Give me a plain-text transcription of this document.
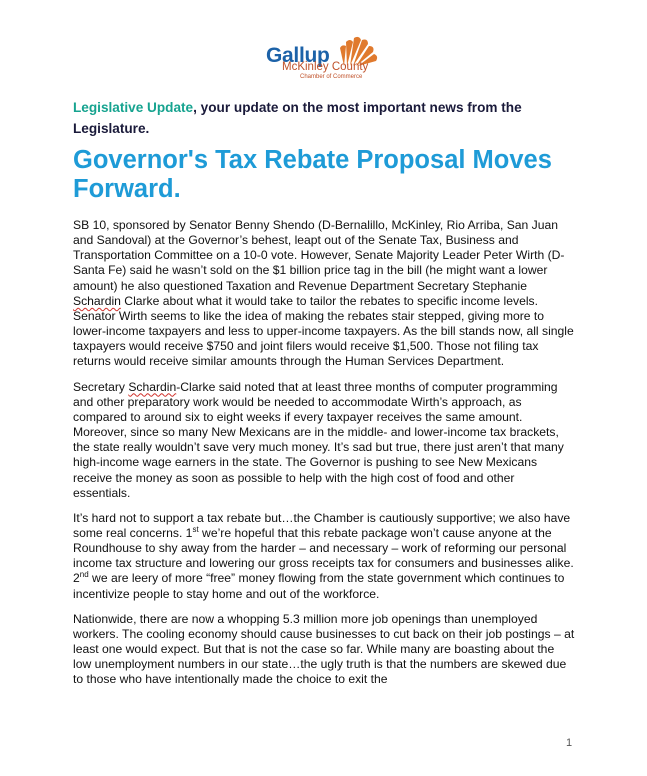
Gallup
McKinley County
Chamber of Commerce
Legislative Update, your update on the most important news from the Legislature.
Governor's Tax Rebate Proposal Moves Forward.

SB 10, sponsored by Senator Benny Shendo (D-Bernalillo, McKinley, Rio Arriba, San Juan and Sandoval) at the Governor’s behest, leapt out of the Senate Tax, Business and Transportation Committee on a 10-0 vote. However, Senate Majority Leader Peter Wirth (D-Santa Fe) said he wasn’t sold on the $1 billion price tag in the bill (he might want a lower amount) he also questioned Taxation and Revenue Department Secretary Stephanie Schardin Clarke about what it would take to tailor the rebates to specific income levels. Senator Wirth seems to like the idea of making the rebates stair stepped, giving more to lower-income taxpayers and less to upper-income taxpayers. As the bill stands now, all single taxpayers would receive $750 and joint filers would receive $1,500. Those not filing tax returns would receive similar amounts through the Human Services Department.

Secretary Schardin-Clarke said noted that at least three months of computer programming and other preparatory work would be needed to accommodate Wirth’s approach, as compared to around six to eight weeks if every taxpayer receives the same amount. Moreover, since so many New Mexicans are in the middle- and lower-income tax brackets, the state really wouldn’t save very much money. It’s sad but true, there just aren’t that many high-income wage earners in the state. The Governor is pushing to see New Mexicans receive the money as soon as possible to help with the high cost of food and other essentials.

It’s hard not to support a tax rebate but…the Chamber is cautiously supportive; we also have some real concerns. 1st we’re hopeful that this rebate package won’t cause anyone at the Roundhouse to shy away from the harder – and necessary – work of reforming our personal income tax structure and lowering our gross receipts tax for consumers and businesses alike. 2nd we are leery of more “free” money flowing from the state government which continues to incentivize people to stay home and out of the workforce.

Nationwide, there are now a whopping 5.3 million more job openings than unemployed workers. The cooling economy should cause businesses to cut back on their job postings – at least one would expect. But that is not the case so far. While many are boasting about the low unemployment numbers in our state…the ugly truth is that the numbers are skewed due to those who have intentionally made the choice to exit the

1
